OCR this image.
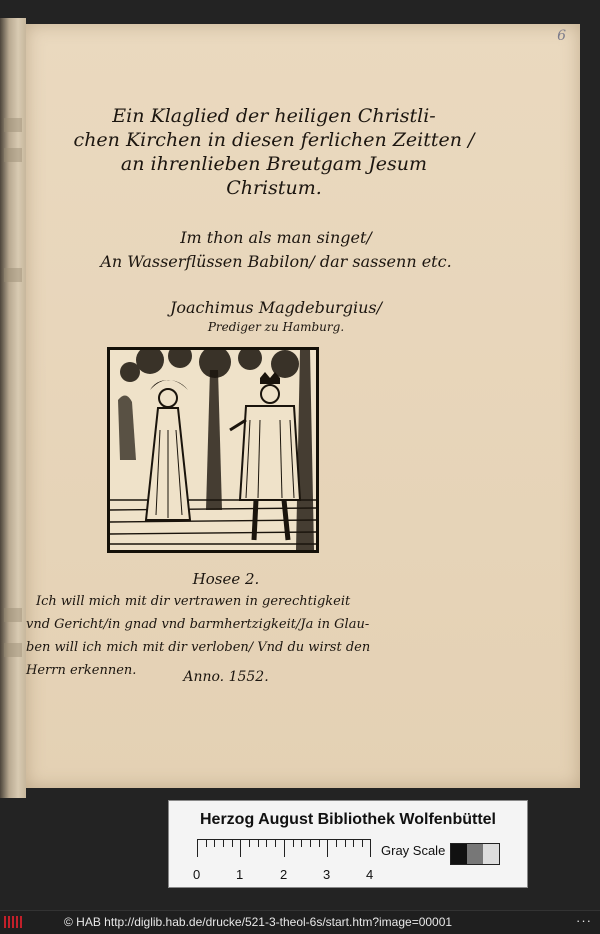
6
Ein Klaglied der heiligen Christli-
chen Kirchen in diesen ferlichen Zeitten /
an ihrenlieben Breutgam Jesum
Christum.
Im thon als man singet/
An Wasserflüssen Babilon/ dar sassenn etc.
Joachimus Magdeburgius/
Prediger zu Hamburg.
Hosee 2.
Ich will mich mit dir vertrawen in gerechtigkeit
vnd Gericht/in gnad vnd barmhertzigkeit/Ja in Glau-
ben will ich mich mit dir verloben/ Vnd du wirst den
Herrn erkennen.	Anno. 1552.
Herzog August Bibliothek Wolfenbüttel
0	1	2	3	4
Gray Scale
© HAB http://diglib.hab.de/drucke/521-3-theol-6s/start.htm?image=00001	···
